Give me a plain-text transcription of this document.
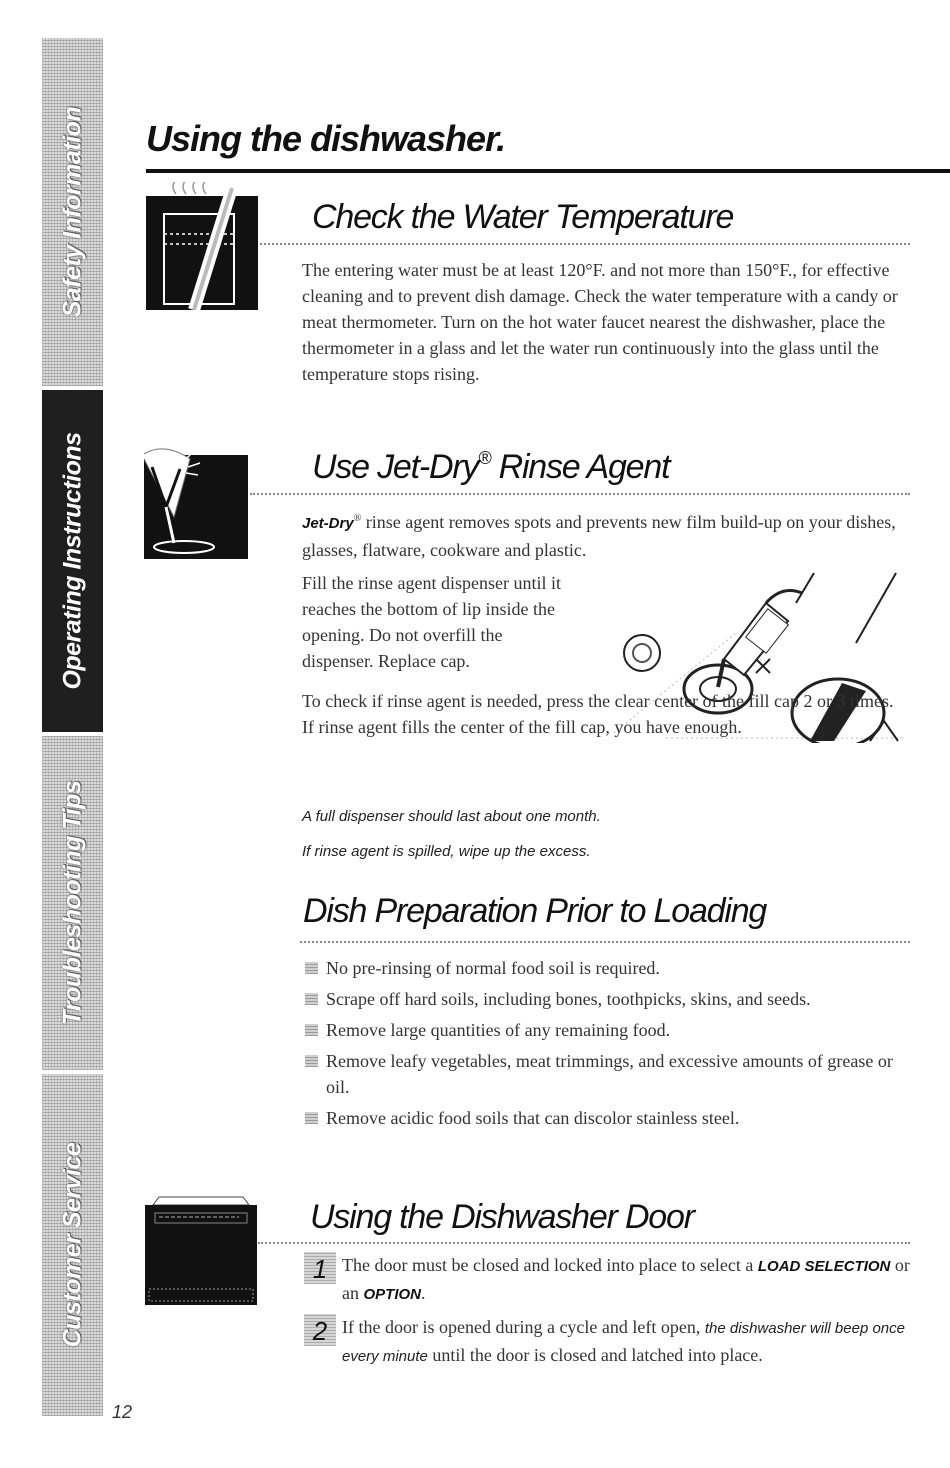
Safety Information
Operating Instructions
Troubleshooting Tips
Customer Service
12
Using the dishwasher.
Check the Water Temperature

The entering water must be at least 120°F. and not more than 150°F., for effective cleaning and to prevent dish damage. Check the water temperature with a candy or meat thermometer. Turn on the hot water faucet nearest the dishwasher, place the thermometer in a glass and let the water run continuously into the glass until the temperature stops rising.

Use Jet-Dry® Rinse Agent

Jet-Dry® rinse agent removes spots and prevents new film build-up on your dishes, glasses, flatware, cookware and plastic.

Fill the rinse agent dispenser until it reaches the bottom of lip inside the opening. Do not overfill the dispenser. Replace cap.

To check if rinse agent is needed, press the clear center of the fill cap 2 or 3 times. If rinse agent fills the center of the fill cap, you have enough.

A full dispenser should last about one month.

If rinse agent is spilled, wipe up the excess.

Dish Preparation Prior to Loading
No pre-rinsing of normal food soil is required.
Scrape off hard soils, including bones, toothpicks, skins, and seeds.
Remove large quantities of any remaining food.
Remove leafy vegetables, meat trimmings, and excessive amounts of grease or oil.
Remove acidic food soils that can discolor stainless steel.
Using the Dishwasher Door
1 The door must be closed and locked into place to select a LOAD SELECTION or an OPTION.
2 If the door is opened during a cycle and left open, the dishwasher will beep once every minute until the door is closed and latched into place.
